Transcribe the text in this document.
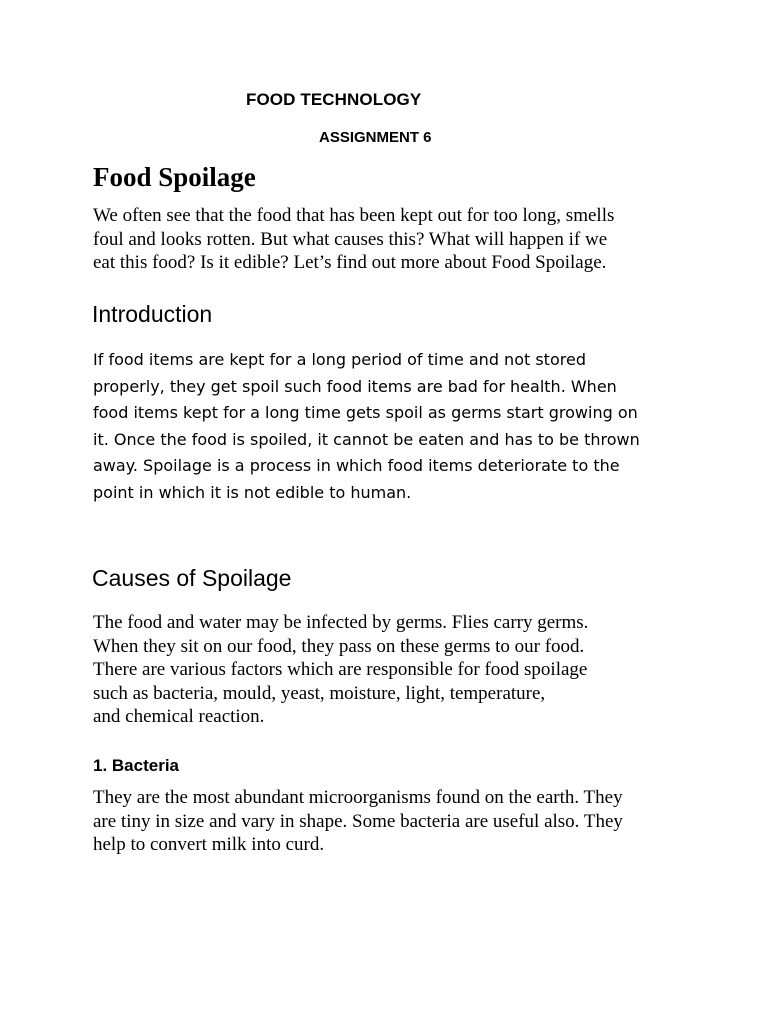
FOOD TECHNOLOGY
ASSIGNMENT 6
Food Spoilage

We often see that the food that has been kept out for too long, smells
foul and looks rotten. But what causes this? What will happen if we
eat this food? Is it edible? Let’s find out more about Food Spoilage.

Introduction

If food items are kept for a long period of time and not stored
properly, they get spoil such food items are bad for health. When
food items kept for a long time gets spoil as germs start growing on
it. Once the food is spoiled, it cannot be eaten and has to be thrown
away. Spoilage is a process in which food items deteriorate to the
point in which it is not edible to human.

Causes of Spoilage

The food and water may be infected by germs. Flies carry germs.
When they sit on our food, they pass on these germs to our food.
There are various factors which are responsible for food spoilage
such as bacteria, mould, yeast, moisture, light, temperature,
and chemical reaction.

1. Bacteria

They are the most abundant microorganisms found on the earth. They
are tiny in size and vary in shape. Some bacteria are useful also. They
help to convert milk into curd.
